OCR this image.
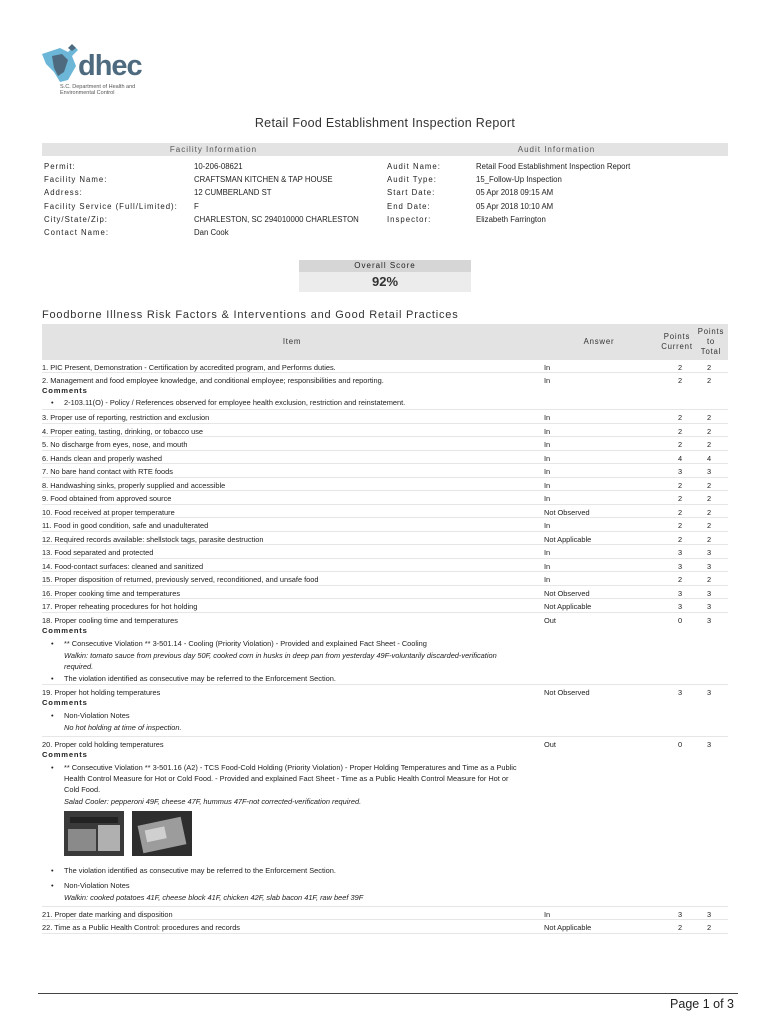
dhec
S.C. Department of Health and Environmental Control
Retail Food Establishment Inspection Report
Facility Information	Audit Information
Permit:	10-206-08621
Facility Name:	CRAFTSMAN KITCHEN & TAP HOUSE
Address:	12 CUMBERLAND ST
Facility Service (Full/Limited): F
City/State/Zip:	CHARLESTON, SC 294010000 CHARLESTON
Contact Name:	Dan Cook
Audit Name:	Retail Food Establishment Inspection Report
Audit Type:	15_Follow-Up Inspection
Start Date:	05 Apr 2018 09:15 AM
End Date:	05 Apr 2018 10:10 AM
Inspector:	Elizabeth Farrington
Overall Score
92%
Foodborne Illness Risk Factors & Interventions and Good Retail Practices
Item	Answer
Points
Current
Points
to
Total
1. PIC Present, Demonstration - Certification by accredited program, and Performs duties.	In	2	2
2. Management and food employee knowledge, and conditional employee; responsibilities and reporting.	In	2	2
Comments
• 2-103.11(O) - Policy / References observed for employee health exclusion, restriction and reinstatement.
3. Proper use of reporting, restriction and exclusion	In	2	2
4. Proper eating, tasting, drinking, or tobacco use	In	2	2
5. No discharge from eyes, nose, and mouth	In	2	2
6. Hands clean and properly washed	In	4	4
7. No bare hand contact with RTE foods	In	3	3
8. Handwashing sinks, properly supplied and accessible	In	2	2
9. Food obtained from approved source	In	2	2
10. Food received at proper temperature	Not Observed	2	2
11. Food in good condition, safe and unadulterated	In	2	2
12. Required records available: shellstock tags, parasite destruction	Not Applicable	2	2
13. Food separated and protected	In	3	3
14. Food-contact surfaces: cleaned and sanitized	In	3	3
15. Proper disposition of returned, previously served, reconditioned, and unsafe food	In	2	2
16. Proper cooking time and temperatures	Not Observed	3	3
17. Proper reheating procedures for hot holding	Not Applicable	3	3
18. Proper cooling time and temperatures	Out	0	3
Comments
• ** Consecutive Violation ** 3-501.14 - Cooling (Priority Violation) - Provided and explained Fact Sheet - Cooling
Walkin: tomato sauce from previous day 50F, cooked corn in husks in deep pan from yesterday 49F-voluntarily discarded-verification required.
• The violation identified as consecutive may be referred to the Enforcement Section.
19. Proper hot holding temperatures	Not Observed	3	3
Comments
• Non-Violation Notes
No hot holding at time of inspection.
20. Proper cold holding temperatures	Out	0	3
Comments
• ** Consecutive Violation ** 3-501.16 (A2) - TCS Food-Cold Holding (Priority Violation) - Proper Holding Temperatures and Time as a Public Health Control Measure for Hot or Cold Food. - Provided and explained Fact Sheet - Time as a Public Health Control Measure for Hot or Cold Food.
Salad Cooler: pepperoni 49F, cheese 47F, hummus 47F-not corrected-verification required.
• The violation identified as consecutive may be referred to the Enforcement Section.
• Non-Violation Notes
Walkin: cooked potatoes 41F, cheese block 41F, chicken 42F, slab bacon 41F, raw beef 39F
21. Proper date marking and disposition	In	3	3
22. Time as a Public Health Control: procedures and records	Not Applicable	2	2
Page 1 of 3
